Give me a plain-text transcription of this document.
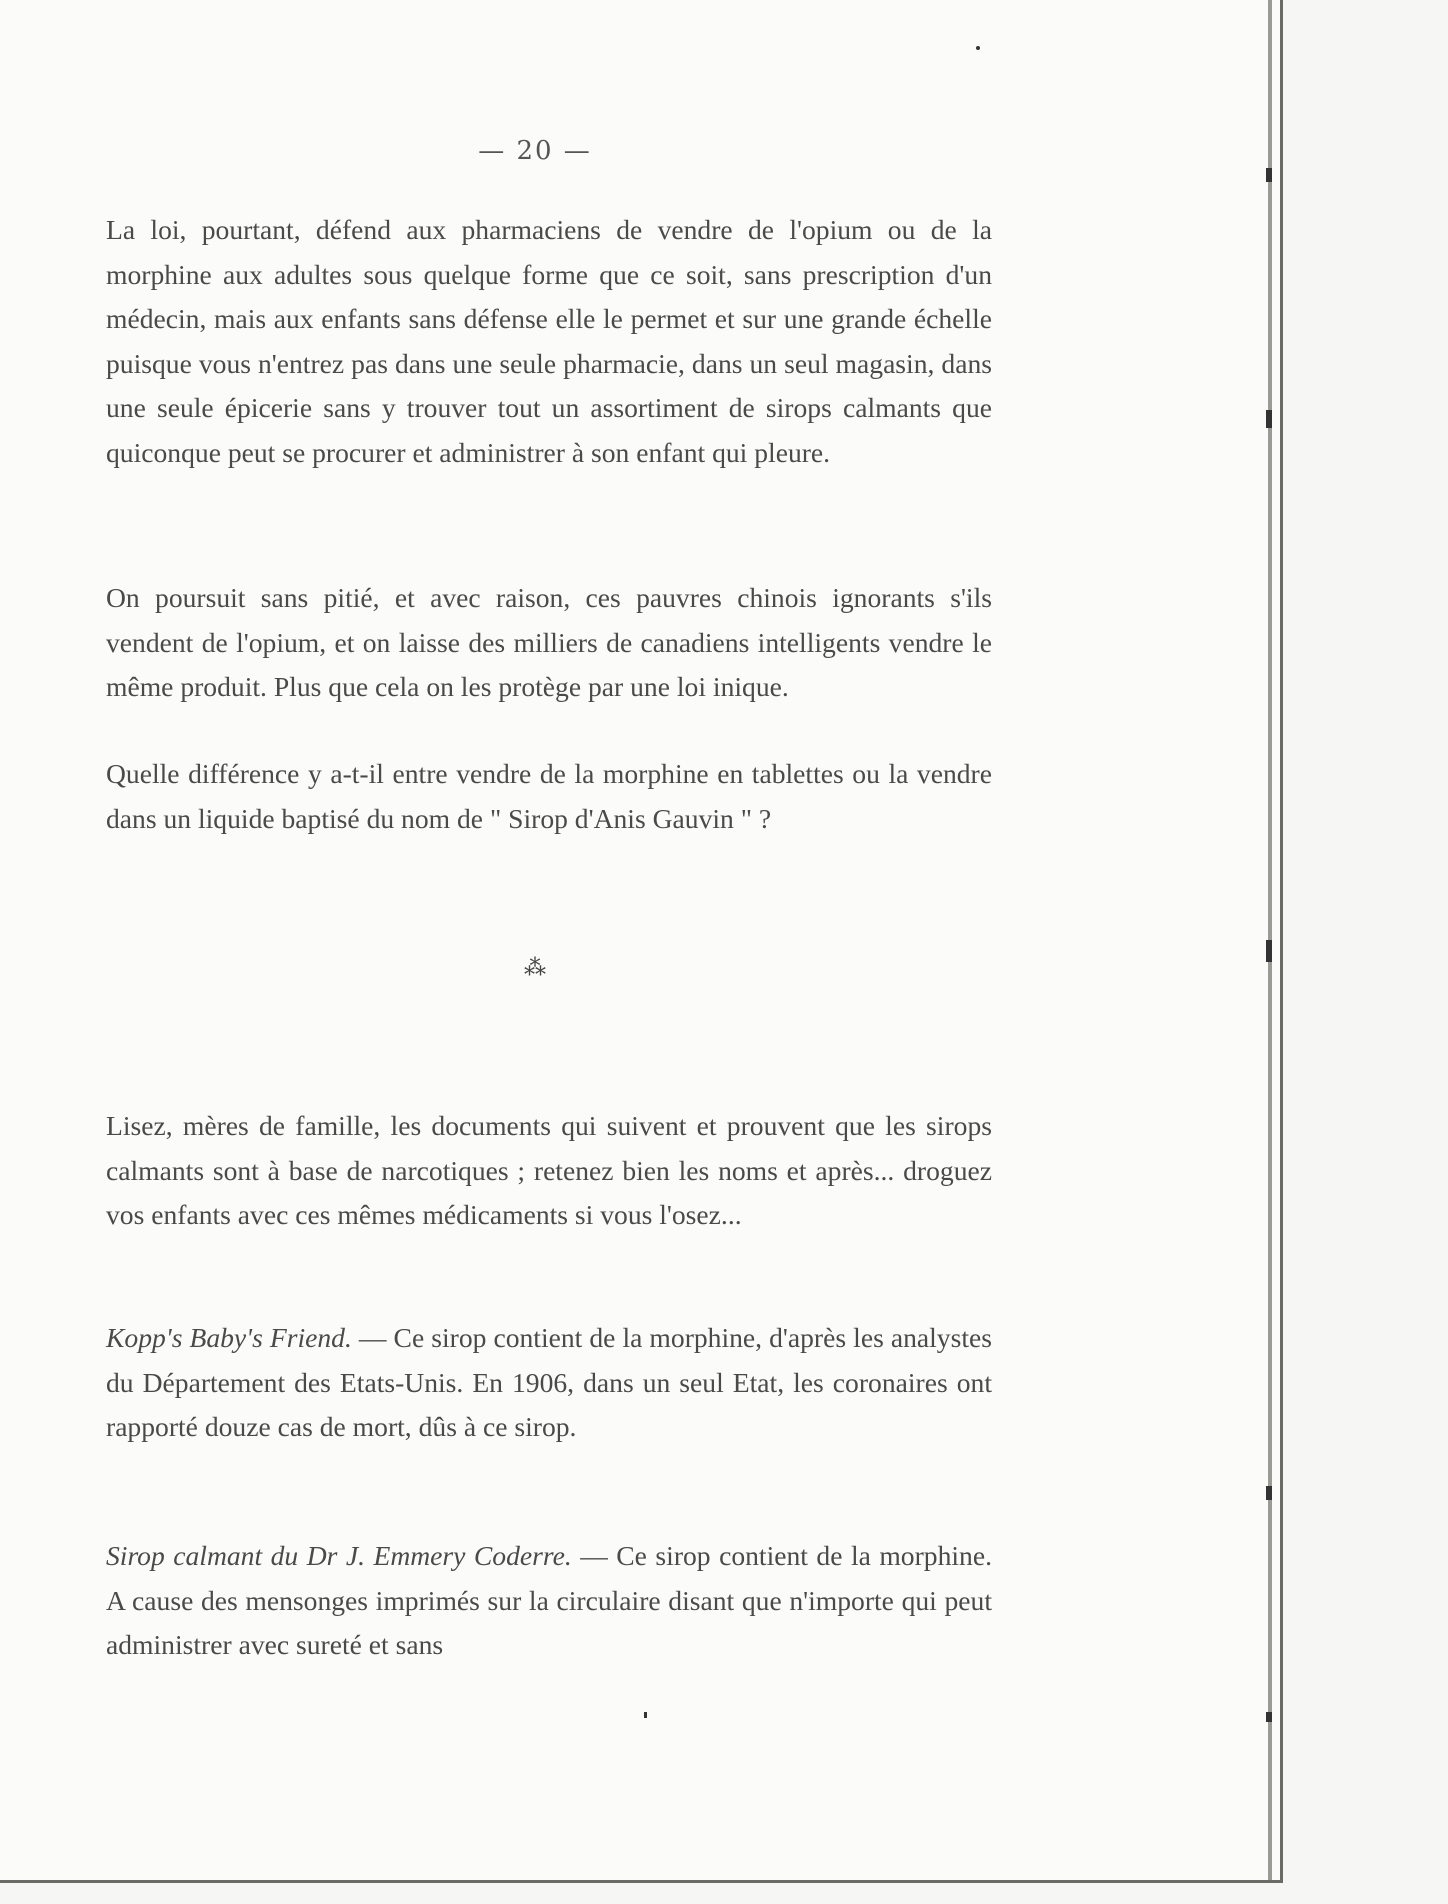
— 20 —

La loi, pourtant, défend aux pharmaciens de vendre de l'opium ou de la morphine aux adultes sous quelque forme que ce soit, sans prescription d'un médecin, mais aux enfants sans défense elle le permet et sur une grande échelle puisque vous n'entrez pas dans une seule pharmacie, dans un seul magasin, dans une seule épicerie sans y trouver tout un assortiment de sirops calmants que quiconque peut se procurer et administrer à son enfant qui pleure.

On poursuit sans pitié, et avec raison, ces pauvres chinois ignorants s'ils vendent de l'opium, et on laisse des milliers de canadiens intelligents vendre le même produit. Plus que cela on les protège par une loi inique.

Quelle différence y a-t-il entre vendre de la morphine en tablettes ou la vendre dans un liquide baptisé du nom de " Sirop d'Anis Gauvin " ?

⁂

Lisez, mères de famille, les documents qui suivent et prouvent que les sirops calmants sont à base de narcotiques ; retenez bien les noms et après... droguez vos enfants avec ces mêmes médicaments si vous l'osez...

Kopp's Baby's Friend. — Ce sirop contient de la morphine, d'après les analystes du Département des Etats-Unis. En 1906, dans un seul Etat, les coronaires ont rapporté douze cas de mort, dûs à ce sirop.

Sirop calmant du Dr J. Emmery Coderre. — Ce sirop contient de la morphine. A cause des mensonges imprimés sur la circulaire disant que n'importe qui peut administrer avec sureté et sans
